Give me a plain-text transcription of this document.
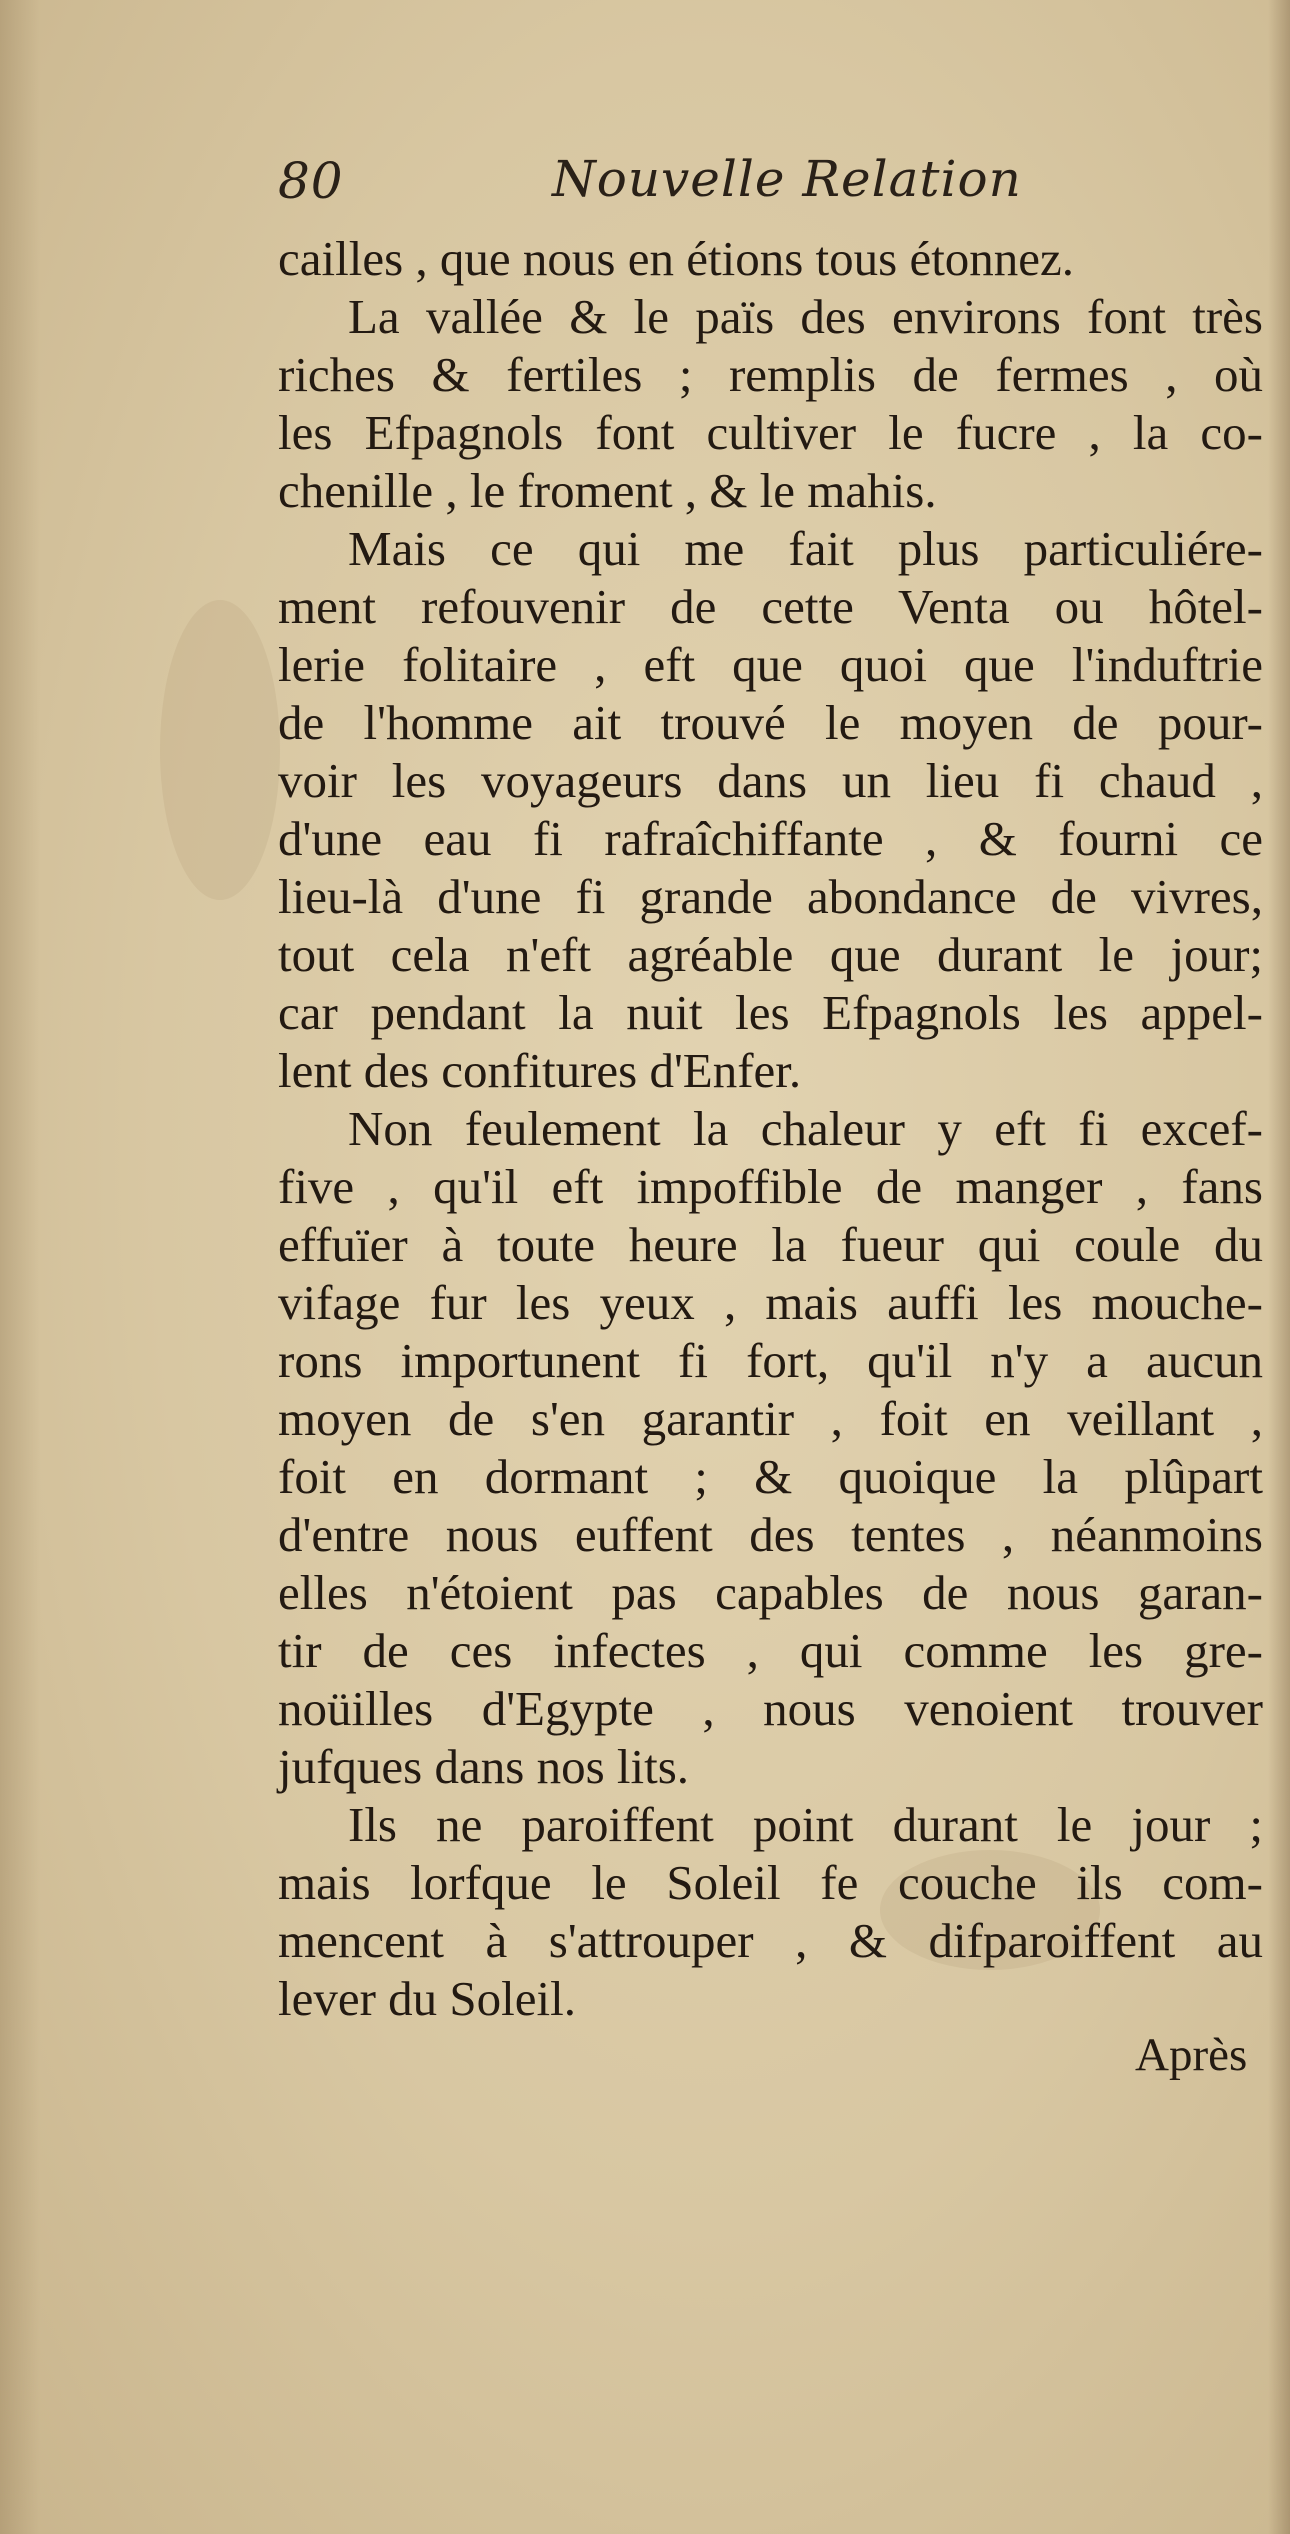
80	Nouvelle Relation
cailles , que nous en étions tous étonnez.
La vallée & le païs des environs font très
riches & fertiles ; remplis de fermes , où
les Efpagnols font cultiver le fucre , la co-
chenille , le froment , & le mahis.
Mais ce qui me fait plus particuliére-
ment refouvenir de cette Venta ou hôtel-
lerie folitaire , eft que quoi que l'induftrie
de l'homme ait trouvé le moyen de pour-
voir les voyageurs dans un lieu fi chaud ,
d'une eau fi rafraîchiffante , & fourni ce
lieu-là d'une fi grande abondance de vivres,
tout cela n'eft agréable que durant le jour;
car pendant la nuit les Efpagnols les appel-
lent des confitures d'Enfer.
Non feulement la chaleur y eft fi excef-
five , qu'il eft impoffible de manger , fans
effuïer à toute heure la fueur qui coule du
vifage fur les yeux , mais auffi les mouche-
rons importunent fi fort, qu'il n'y a aucun
moyen de s'en garantir , foit en veillant ,
foit en dormant ; & quoique la plûpart
d'entre nous euffent des tentes , néanmoins
elles n'étoient pas capables de nous garan-
tir de ces infectes , qui comme les gre-
noüilles d'Egypte , nous venoient trouver
jufques dans nos lits.
Ils ne paroiffent point durant le jour ;
mais lorfque le Soleil fe couche ils com-
mencent à s'attrouper , & difparoiffent au
lever du Soleil.
Après
